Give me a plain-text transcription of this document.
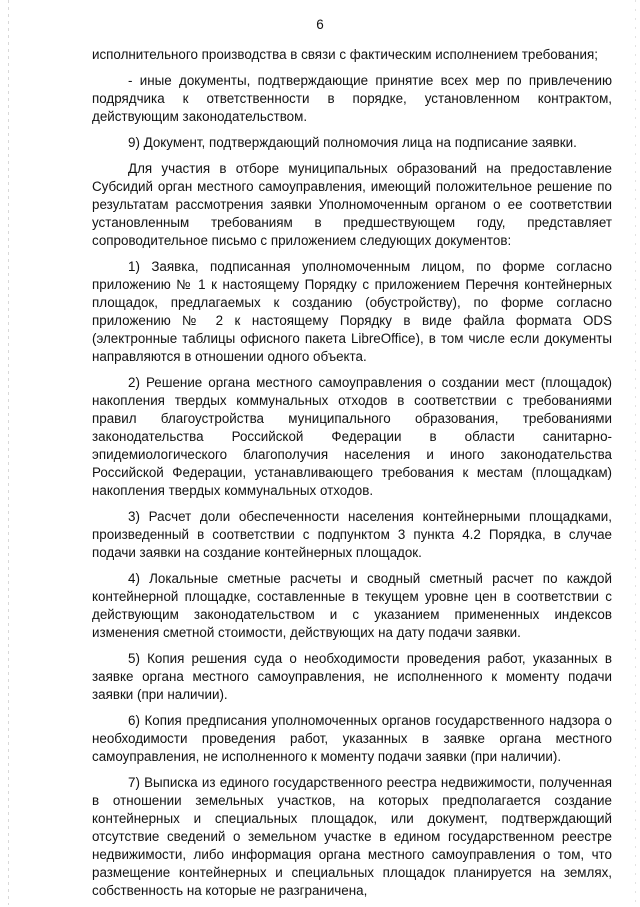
6

исполнительного производства в связи с фактическим исполнением требования;

- иные документы, подтверждающие принятие всех мер по привлечению подрядчика к ответственности в порядке, установленном контрактом, действующим законодательством.

9) Документ, подтверждающий полномочия лица на подписание заявки.

Для участия в отборе муниципальных образований на предоставление Субсидий орган местного самоуправления, имеющий положительное решение по результатам рассмотрения заявки Уполномоченным органом о ее соответствии установленным требованиям в предшествующем году, представляет сопроводительное письмо с приложением следующих документов:

1) Заявка, подписанная уполномоченным лицом, по форме согласно приложению № 1 к настоящему Порядку с приложением Перечня контейнерных площадок, предлагаемых к созданию (обустройству), по форме согласно приложению № 2 к настоящему Порядку в виде файла формата ODS (электронные таблицы офисного пакета LibreOffice), в том числе если документы направляются в отношении одного объекта.

2) Решение органа местного самоуправления о создании мест (площадок) накопления твердых коммунальных отходов в соответствии с требованиями правил благоустройства муниципального образования, требованиями законодательства Российской Федерации в области санитарно-эпидемиологического благополучия населения и иного законодательства Российской Федерации, устанавливающего требования к местам (площадкам) накопления твердых коммунальных отходов.

3) Расчет доли обеспеченности населения контейнерными площадками, произведенный в соответствии с подпунктом 3 пункта 4.2 Порядка, в случае подачи заявки на создание контейнерных площадок.

4) Локальные сметные расчеты и сводный сметный расчет по каждой контейнерной площадке, составленные в текущем уровне цен в соответствии с действующим законодательством и с указанием примененных индексов изменения сметной стоимости, действующих на дату подачи заявки.

5) Копия решения суда о необходимости проведения работ, указанных в заявке органа местного самоуправления, не исполненного к моменту подачи заявки (при наличии).

6) Копия предписания уполномоченных органов государственного надзора о необходимости проведения работ, указанных в заявке органа местного самоуправления, не исполненного к моменту подачи заявки (при наличии).

7) Выписка из единого государственного реестра недвижимости, полученная в отношении земельных участков, на которых предполагается создание контейнерных и специальных площадок, или документ, подтверждающий отсутствие сведений о земельном участке в едином государственном реестре недвижимости, либо информация органа местного самоуправления о том, что размещение контейнерных и специальных площадок планируется на землях, собственность на которые не разграничена,
